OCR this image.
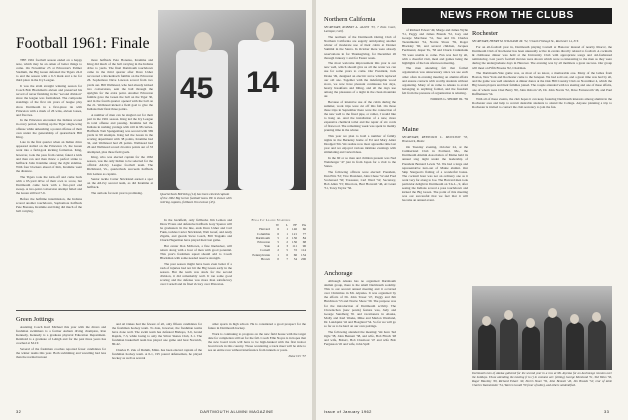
Football 1961: Finale

THE 1961 football season ended on a happy note, which may be an omen of better things to come. On November 25 at Princeton's Palmer Stadium, the Big Green defeated the Tigers 24-6 to end the season with a 6-3 mark and a tie for third place in the Ivy League.

It was the sixth straight winning season for Coach Bob Blackman's eleven and preserved his record of never finishing in the "second division" since the league was formalized. The composite standings of the first six years of league play show Dartmouth in a first-place tie with Princeton with a mark of 26 wins, eleven losses, and five ties.

In the Princeton encounter the Indians scored in every period, bottling up the Tiger single-wing offense while unleashing a potent offense of their own under the generalship of quarterback Bill King.

Late in the first quarter when an Indian drive appeared stalled on the Princeton 15, the Green went into a field-goal kicking formation. King, however, took the pass from center, faked a kick and then ran and then threw a perfect strike to halfback John Kramme along the right sideline. With four blockers ahead of him, Kramme went the distance.

The Tigers took the kick-off and came back with a 65-yard drive of their own to score, but Dartmouth came back with a five-yard end sweep. A two-point conversion attempt failed and the Green still led 7-6.

Before the halftime intermission, the Indians scored another touchdown, Sophomore halfback Pete Bonaiaa, Kramme and King did much of the ball carrying.

more halfback Pete Bonaiaa, Kramme and King did much of the ball carrying in the Indians drive to yards. The final Dartmouth touchdown came in the third quarter after Dave Usher recovered a Rockenbach fumble on the Princeton 26. Sophomore Dave Lawson scored from two yards out. Bill Wellstead, who had already kicked two conversions, sent the ball through the uprights for the extra point. Another Princeton fumble gave the Green the ball on the Tiger 30, and in the fourth quarter opened with the ball on the 21. Wellstead kicked a field goal to give the Indians their final three points.

A number of men can be singled out for their part in the 1961 season. King led the Ivy League in total offense and passing. Kramme led the Indians in rushing yardage with 416 in 98 carries. Halfback Tom Spangenburg was second with 369 yards in 99 attempts. King led the Green in the scoring department with 38 points, Kramme had 32, and Wellstead had 26 points. Wellstead had 26 and Wellstead scored 24 extra points out of 33 attempted, plus three field goals.

King, who was elected captain for the 1962 season, was the only Indian to be selected for the official All-Ivy League football team. The Richmond, Va., quarterback succeeds halfback Jim Lemon as captain.

Senior tackle Carter Strickland earned a spot on the All-Ivy second team, as did Kramme at halfback.

The outlook for next year is promising.

45 14
Quarterback Bill King (14) has been elected captain of the 1962 Big Green football team. He is shown with retiring captain, fullback Jim Lemon (45).

In the backfield, only fullbacks Jim Lemon and Drew Evans and defensive halfback Gary Spence will be graduated. In the line, ends Dave Usher and Carl Funk, tackles Carter Strickland, Walt Graef, and Andy Zigelis, and guards Steve Lasch, Bill Tragakis and Chuck Hagerman have played their last game.

But center Don McKown, a fine linebacker, will return along with a host of men with good potential. This year's freshman squad should add to Coach Blackman with some needed reserve strength.

The past season might have been even better if a rash of injuries had not hit the Big Green early in the season. But the team was stuck for the second division, it did remarkably well. It ran some good scoring and the defense was more than satisfactory over Cornell and its final victory over Princeton.

Final Ivy League Standings
W	L	PF	PA
Harvard	6	1	146	66
Columbia	6	1	121	77
Dartmouth	5	2	156	84
Princeton	5	2	156	68
Yale	4	3	111	96
Cornell	2	5	72	114
Pennsylvania	1	6	66	154
Brown	0	7	54	206
Green Jottings

Assisting Coach Karl Michael this year with the divers and freshman swimmers is a former Auburn diving champion, Ron Kennedy, Kennedy is a graduate physical Education Department. Reinhold is a graduate of Lehigh and for the past three years has coached at M.I.T.

Several of the freshman coaches reported fewer candidates for the winter teams this year. Both swimming and wrestling had less than the normal turnout

and Al Oakes had the fewest of all, only fifteen candidates for the freshman hockey team. To date, however, the freshman teams have done well. The swim team has defeated Bishops, 3-6, Grand Rapids, 7-3, while losing to only the Silver Skates Club, 3-1. The freshman basketball team has played one game and beat Norwich, 80-42.

Charles E. Zak of Duluth, Minn. has been elected captain of the freshman hockey team. A 6-1, 195 pound defenseman, he played hockey as well as several

other sports in high school. He is considered a good prospect for the future in Dartmouth hockey.

Work is continuing to progress on the new field house with the target date for completion still set for the fall. Coach Ellie Noyes is in hopes that the new board track will have to be high-banked with the first indoor board track in this country. Those wondering a track meet will be able to see an entire race without interference from tunnels or posts.

Dave Orr '57

32	DARTMOUTH ALUMNI MAGAZINE
NEWS FROM THE CLUBS
Northern California

SECRETARY, ROBERT A. ALLEN '53, 7 Palo Court, Larkspur, Calif.

The northern of the Dartmouth Outing Club of Northern California are eagerly anticipating another winter of moderate use of their cabin at Donner Summit in the Sierra. In October there were already reservations in for Thanksgiving, for December 26 through January 1 and for Easter week.

The most welcome improvement this year is our new well, which should give us all the water we can use for some years to come. Our President, Jack Drake '49, designed an electric stove which replaced our old one. Together with the indefatigable wood stove, we now have pleasant continuous hot days, hearty breakfasts and lilting, and all the days use among the pleasures of a night in the clean mountain air.

Because of intensive use of the cabin during the summer, work trips were cut off this fall. On those three trips in September there were the connection of the new well to the fixed pipe, or rather, I would like to hang on. And the installation of a new, more expensive chemical toilet and the repair of six cords of firewood. The remaining week was spent in mainly pruning time in the winter.

This year we plan to hold a number of family nights in the Berkeley home of Ed and Mary Alder Dredged Tm. We realize now most agreeable time last year and we enjoyed various intimate evenings with stimulating and varied ideas.

In the 60 or so men and children present was Ned Weinberger '47 just in from Japan for a visit to the States.

The following officers were elected: President, Dan Pitts '32; Vice President, John Chase '52 and Fred Scoberaad '50; Treasurer, Carl Ward '52; Secretary, Bob Allen '53; Directors, Bud Horwald '46, Al Grant '51, Torey Taylor '56.

Anchorage

Although Alaska has no organized Dartmouth alumni group, there is the small Dartmouth sodality. This is our second annual meeting and it occurred over Christmas in Mt. Alyeska. It was organized by the efforts of Dr. John Tower '47, Peggy and Jim Hutchison '53 and Norrie Shore '39. The purpose was for the introduction of Dartmouth activity. The Chowlachon (new ponds) feature was, Judy and George Sundberg '61 and vacationers in Alaska, Molly and Karl Weeks, Mike and Marion Westlund, Dr. Lundquist '42 and Hoagland '54. So far we will go so far as to be hard on our own pairings.

The following attended the meeting: We have Ted Ogle '38, John Bennett '38, and wife, Bob Flinch '48 and wife, Bobert, Bob Chasbour '47 and wife Bob Fergusson '45 and wife, John Spill

of Richard Eckart '49, Marge and James Wylie '51, Peggy and James Brands '52, Joey and George Marchese '51, Sue and Dr. Charles Tazenmieder '54, Norrie Shore '59, Roger Blackley '60, and several children, Jacques Ferdinand, Jasper Tu, '58 and Chuck Cruikshank '59 were unable to come. Fun was had by all, with a cheerful visit, meal and games being the highlights of the late afternoon meeting.

The men attending felt that formal organization was unnecessary since we see each other often in evening meeting on alumni affairs and ensure contacts with worthy students without organizing. Many of us came to Alaska to avoid belonging to anything formal, and the freedom felt from the pressure of organization is relaxing.

NORRIS G. SHORE JR. '59

Maine

SECRETARY, REYNOLDS L. MOULTON '55, Brunswick, Maine

On Tuesday evening, October 24, at the Cumberland Club in Portland, Me., the Dartmouth Alumni Association of Maine held its annual stag night under the leadership of President Bernard Lewis '52. We had a large and representative turn-out of Maine alumni. Our Skip Sturgeon's fishing of a wonderful bonus. The cocktail hour was not an ordinary one as it went very far along to Joe. The Harvard men took particular delight in Dartmouth on T.G.L., 9, after seeing the Indians scored a pass touchdown and kicked the Big Green. The point of this meeting was our successful that we feel that it will become an annual event.

Rochester

SECRETARY, HENRY M. WILLIAMS JR. '52, 5 South Fitzhugh St., Rochester 14, N.Y.

For an all-football year in, Dartmouth playing Cornell at Hanover instead of nearby Ithaca!, the Dartmouth Club of Rochester has been unusually active in events directly related to football. A cocktails & clubhouse dinner was held at the University Club with appropriate songs and old-fashioned reminiscing. Last year's football movies were shown which were so interesting to the men as they were during the undergraduate days in Hanover. The evening was by all members a great success. Our group will meet on Fifth Brooks '62, Chairman.

The Dartmouth-Yale game was, as most of us know, a memorable one. Many of the ladies from Boston, New York and Rochester came to the banquet. We had sold out, and a great time was had by all, and the game was well attended. A dinner dance at the Oak Hill Country Club on November 4, which the Big Green players and their families joined. The couple attended with ice skating and one of these affairs, one of whom were Chet Berry '60, John Osborn '45, Dr. John Norris '52, Dave Farnsworth '46, and Paul Rufflemann '54.

With all of these events, the club hopes it can keep fostering Dartmouth interests among alumni in the Rochester area and help to recruit desirable students to attend the College. Anyone planning a trip to Rochester is invited to contact the club secretary to join the fun.

Dartmouth men of Alaska gathered for the second year in a row at Mt. Alyeska for an Anchorage reunion over the holidays. Those attending the meeting (l to r) in costume are: (sitting) George Moreland '51, Ted Weiss '56, Roger Blackley '60, Richard Eckart '49, Norris Shore '59, John Bennett '46, Jim Brands '52; rear of table Charles Tazenmieder '54, Warren Gould '59 (rear of table), and others unidentified.
Issue of January 1962	33
